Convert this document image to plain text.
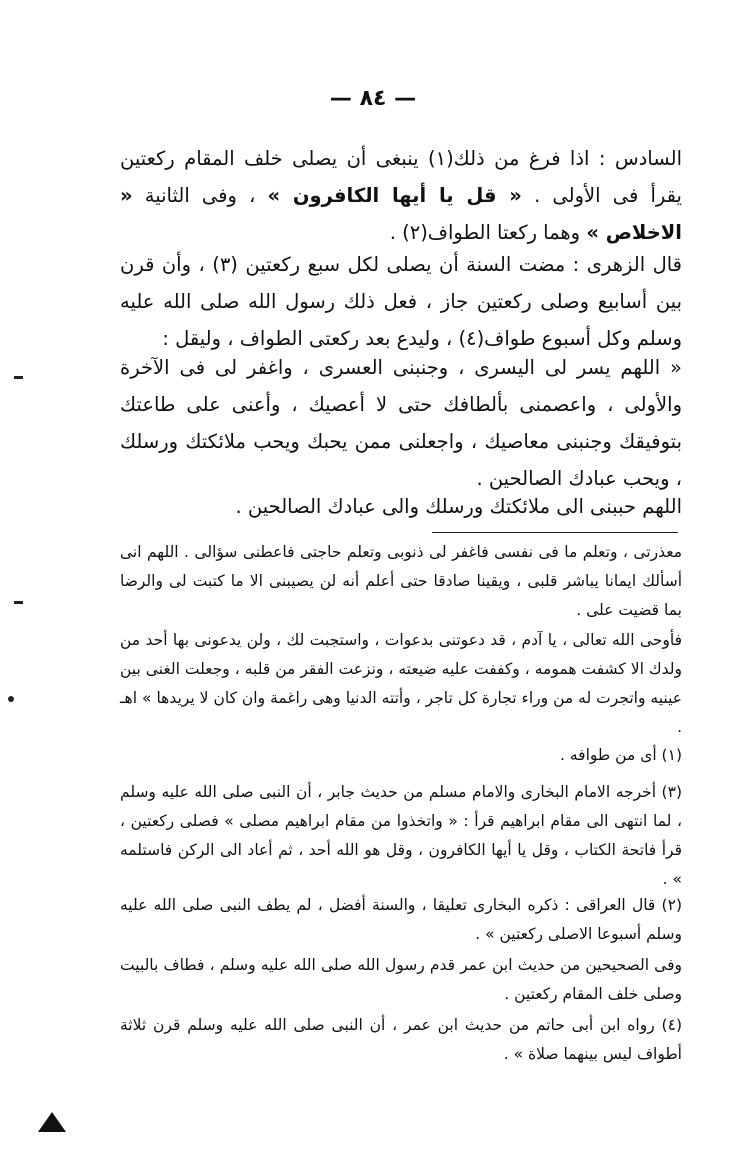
— ٨٤ —

السادس : اذا فرغ من ذلك(١) ينبغى أن يصلى خلف المقام ركعتين يقرأ فى الأولى . « قل يا أيها الكافرون » ، وفى الثانية « الاخلاص » وهما ركعتا الطواف(٢) .

قال الزهرى : مضت السنة أن يصلى لكل سبع ركعتين (٣) ، وأن قرن بين أسابيع وصلى ركعتين جاز ، فعل ذلك رسول الله صلى الله عليه وسلم وكل أسبوع طواف(٤) ، وليدع بعد ركعتى الطواف ، وليقل :

« اللهم يسر لى اليسرى ، وجنبنى العسرى ، واغفر لى فى الآخرة والأولى ، واعصمنى بألطافك حتى لا أعصيك ، وأعنى على طاعتك بتوفيقك وجنبنى معاصيك ، واجعلنى ممن يحبك ويحب ملائكتك ورسلك ، ويحب عبادك الصالحين .

اللهم حببنى الى ملائكتك ورسلك والى عبادك الصالحين .

معذرتى ، وتعلم ما فى نفسى فاغفر لى ذنوبى وتعلم حاجتى فاعطنى سؤالى . اللهم انى أسألك ايمانا يباشر قلبى ، ويقينا صادقا حتى أعلم أنه لن يصيبنى الا ما كتبت لى والرضا بما قضيت على .

فأوحى الله تعالى ، يا آدم ، قد دعوتنى بدعوات ، واستجبت لك ، ولن يدعونى بها أحد من ولدك الا كشفت همومه ، وكففت عليه ضيعته ، ونزعت الفقر من قلبه ، وجعلت الغنى بين عينيه واتجرت له من وراء تجارة كل تاجر ، وأتته الدنيا وهى راغمة وان كان لا يريدها » اهـ .

(١) أى من طوافه .

(٣) أخرجه الامام البخارى والامام مسلم من حديث جابر ، أن النبى صلى الله عليه وسلم ، لما انتهى الى مقام ابراهيم قرأ : « واتخذوا من مقام ابراهيم مصلى » فصلى ركعتين ، قرأ فاتحة الكتاب ، وقل يا أيها الكافرون ، وقل هو الله أحد ، ثم أعاد الى الركن فاستلمه » .

(٢) قال العراقى : ذكره البخارى تعليقا ، والسنة أفضل ، لم يطف النبى صلى الله عليه وسلم أسبوعا الاصلى ركعتين » .

وفى الصحيحين من حديث ابن عمر قدم رسول الله صلى الله عليه وسلم ، فطاف بالبيت وصلى خلف المقام ركعتين .

(٤) رواه ابن أبى حاتم من حديث ابن عمر ، أن النبى صلى الله عليه وسلم قرن ثلاثة أطواف ليس بينهما صلاة » .
